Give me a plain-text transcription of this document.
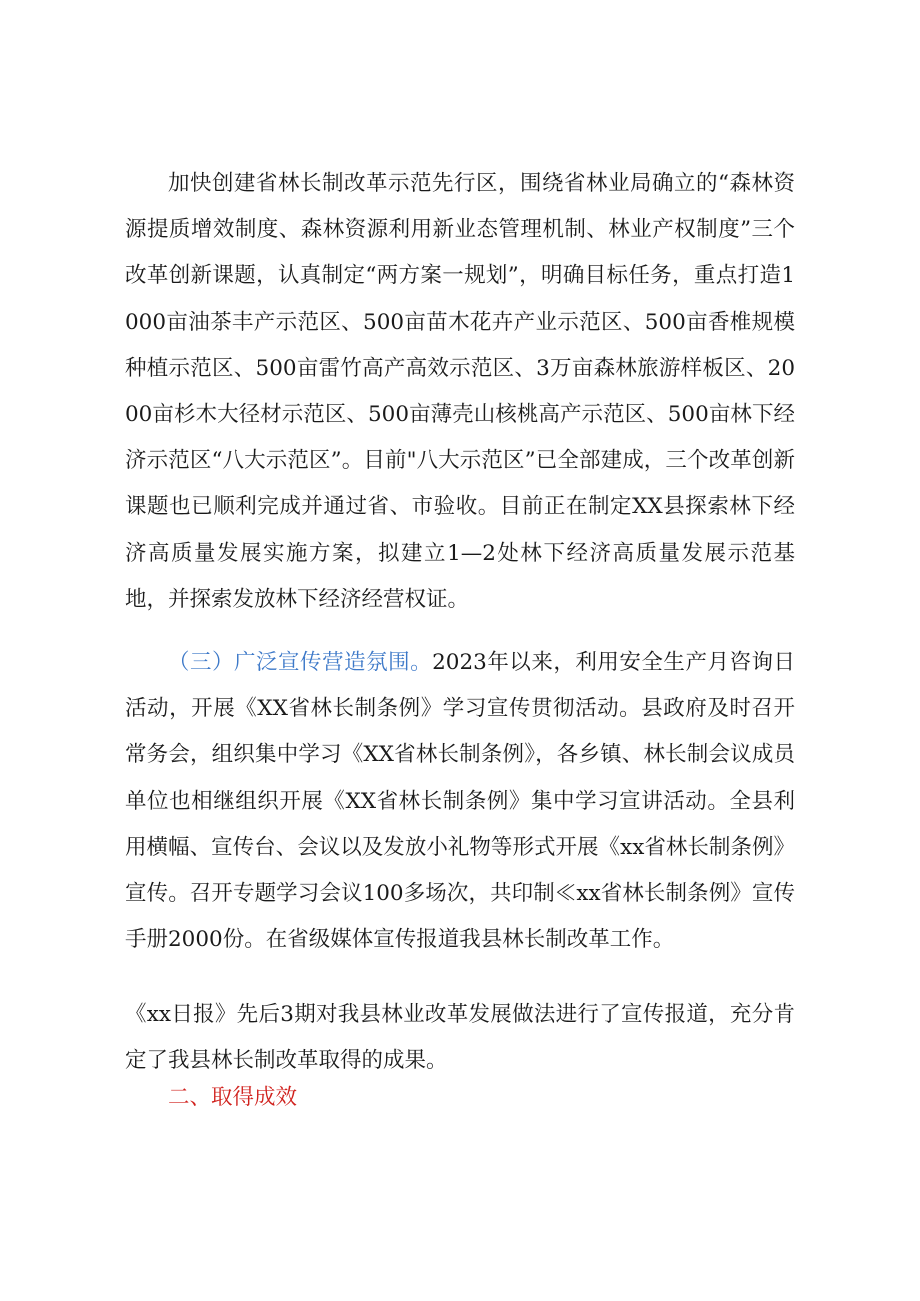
加快创建省林长制改革示范先行区，围绕省林业局确立的“森林资源提质增效制度、森林资源利用新业态管理机制、林业产权制度”三个改革创新课题，认真制定“两方案一规划”，明确目标任务，重点打造1000亩油茶丰产示范区、500亩苗木花卉产业示范区、500亩香椎规模种植示范区、500亩雷竹高产高效示范区、3万亩森林旅游样板区、2000亩杉木大径材示范区、500亩薄壳山核桃高产示范区、500亩林下经济示范区“八大示范区”。目前"八大示范区”已全部建成，三个改革创新课题也已顺利完成并通过省、市验收。目前正在制定XX县探索林下经济高质量发展实施方案，拟建立1—2处林下经济高质量发展示范基地，并探索发放林下经济经营权证。

（三）广泛宣传营造氛围。2023年以来，利用安全生产月咨询日活动，开展《XX省林长制条例》学习宣传贯彻活动。县政府及时召开常务会，组织集中学习《XX省林长制条例》，各乡镇、林长制会议成员单位也相继组织开展《XX省林长制条例》集中学习宣讲活动。全县利用横幅、宣传台、会议以及发放小礼物等形式开展《xx省林长制条例》宣传。召开专题学习会议100多场次，共印制≪xx省林长制条例》宣传手册2000份。在省级媒体宣传报道我县林长制改革工作。

《xx日报》先后3期对我县林业改革发展做法进行了宣传报道，充分肯定了我县林长制改革取得的成果。

二、取得成效
